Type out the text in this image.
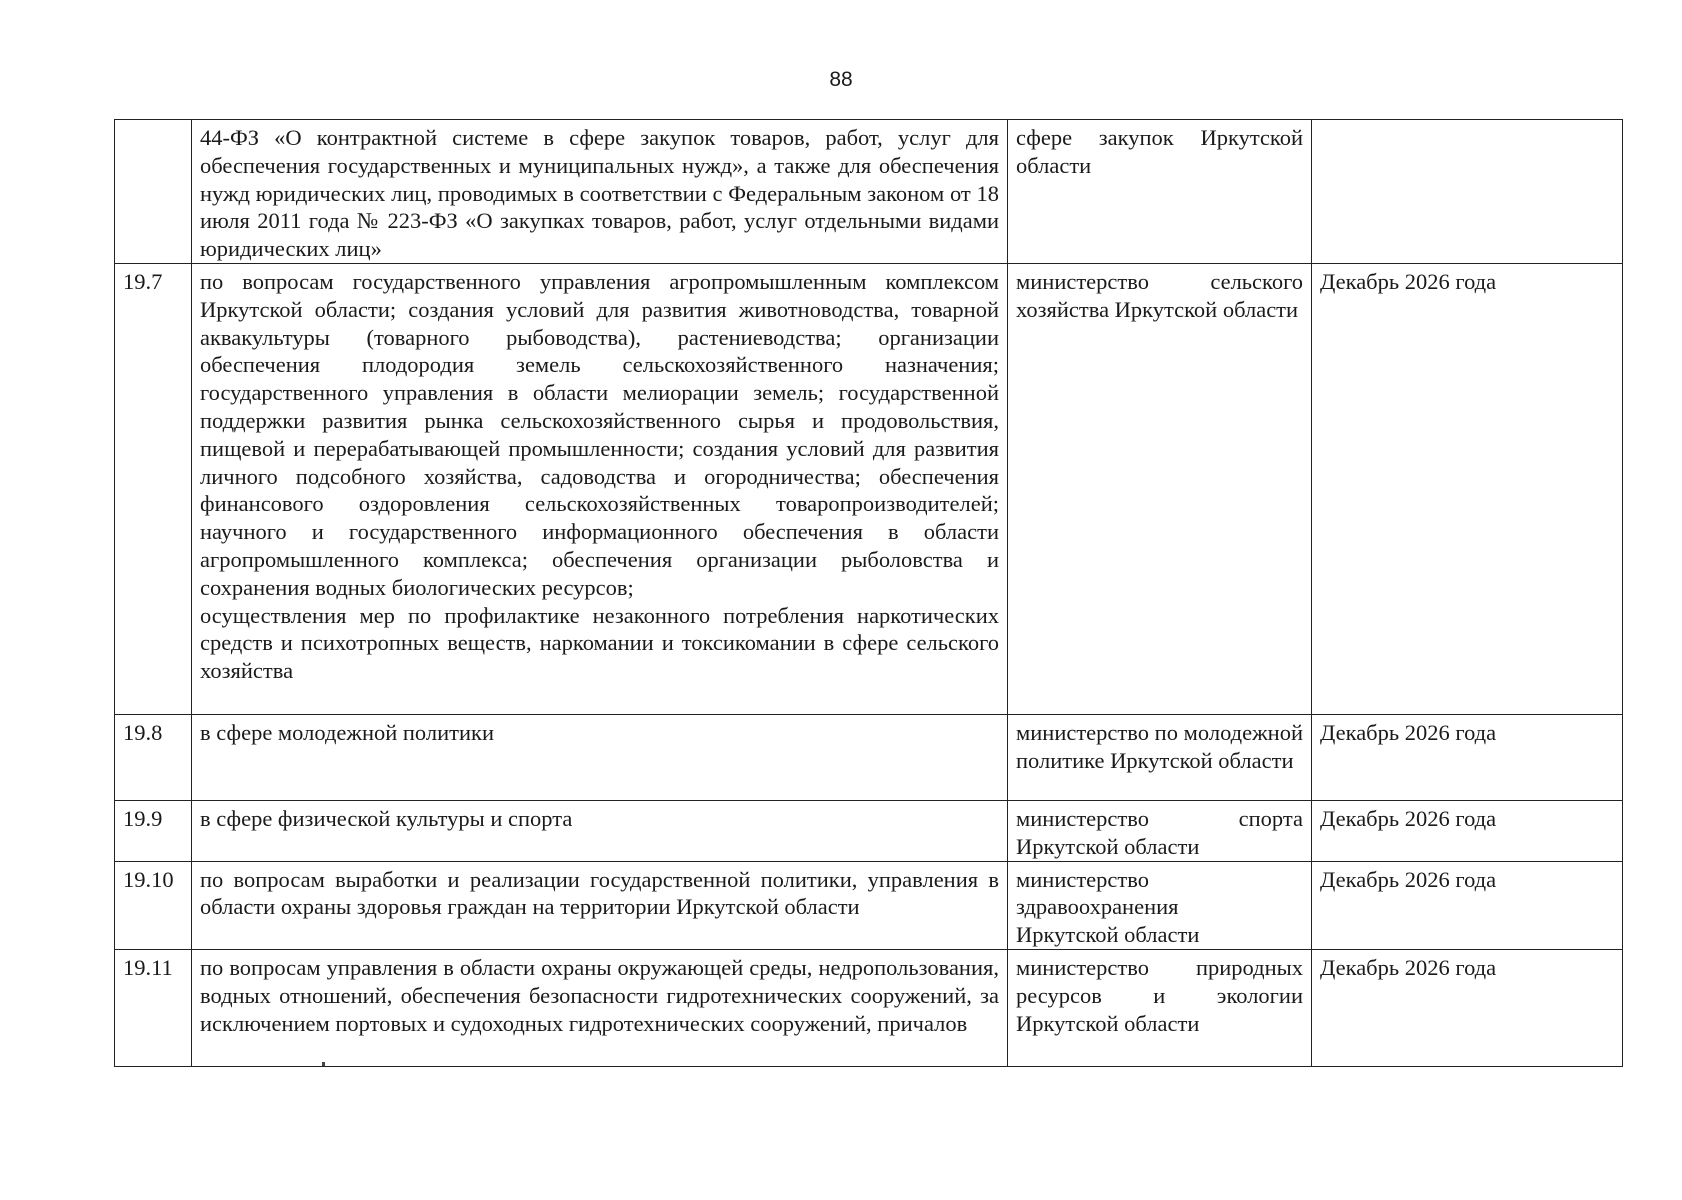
88
	44-ФЗ «О контрактной системе в сфере закупок товаров, работ, услуг для обеспечения государственных и муниципальных нужд», а также для обеспечения нужд юридических лиц, проводимых в соответствии с Федеральным законом от 18 июля 2011 года № 223-ФЗ «О закупках товаров, работ, услуг отдельными видами юридических лиц»	сфере закупок Иркутской области	
19.7	по вопросам государственного управления агропромышленным комплексом Иркутской области; создания условий для развития животноводства, товарной аквакультуры (товарного рыбоводства), растениеводства; организации обеспечения плодородия земель сельскохозяйственного назначения; государственного управления в области мелиорации земель; государственной поддержки развития рынка сельскохозяйственного сырья и продовольствия, пищевой и перерабатывающей промышленности; создания условий для развития личного подсобного хозяйства, садоводства и огородничества; обеспечения финансового оздоровления сельскохозяйственных товаропроизводителей; научного и государственного информационного обеспечения в области агропромышленного комплекса; обеспечения организации рыболовства и сохранения водных биологических ресурсов;
осуществления мер по профилактике незаконного потребления наркотических средств и психотропных веществ, наркомании и токсикомании в сфере сельского хозяйства	министерство сельского хозяйства Иркутской области	Декабрь 2026 года
19.8	в сфере молодежной политики	министерство по молодежной политике Иркутской области	Декабрь 2026 года
19.9	в сфере физической культуры и спорта	министерство спорта Иркутской области	Декабрь 2026 года
19.10	по вопросам выработки и реализации государственной политики, управления в области охраны здоровья граждан на территории Иркутской области	министерство
здравоохранения
Иркутской области	Декабрь 2026 года
19.11	по вопросам управления в области охраны окружающей среды, недропользования, водных отношений, обеспечения безопасности гидротехнических сооружений, за исключением портовых и судоходных гидротехнических сооружений, причалов	министерство природных ресурсов и экологии Иркутской области	Декабрь 2026 года
